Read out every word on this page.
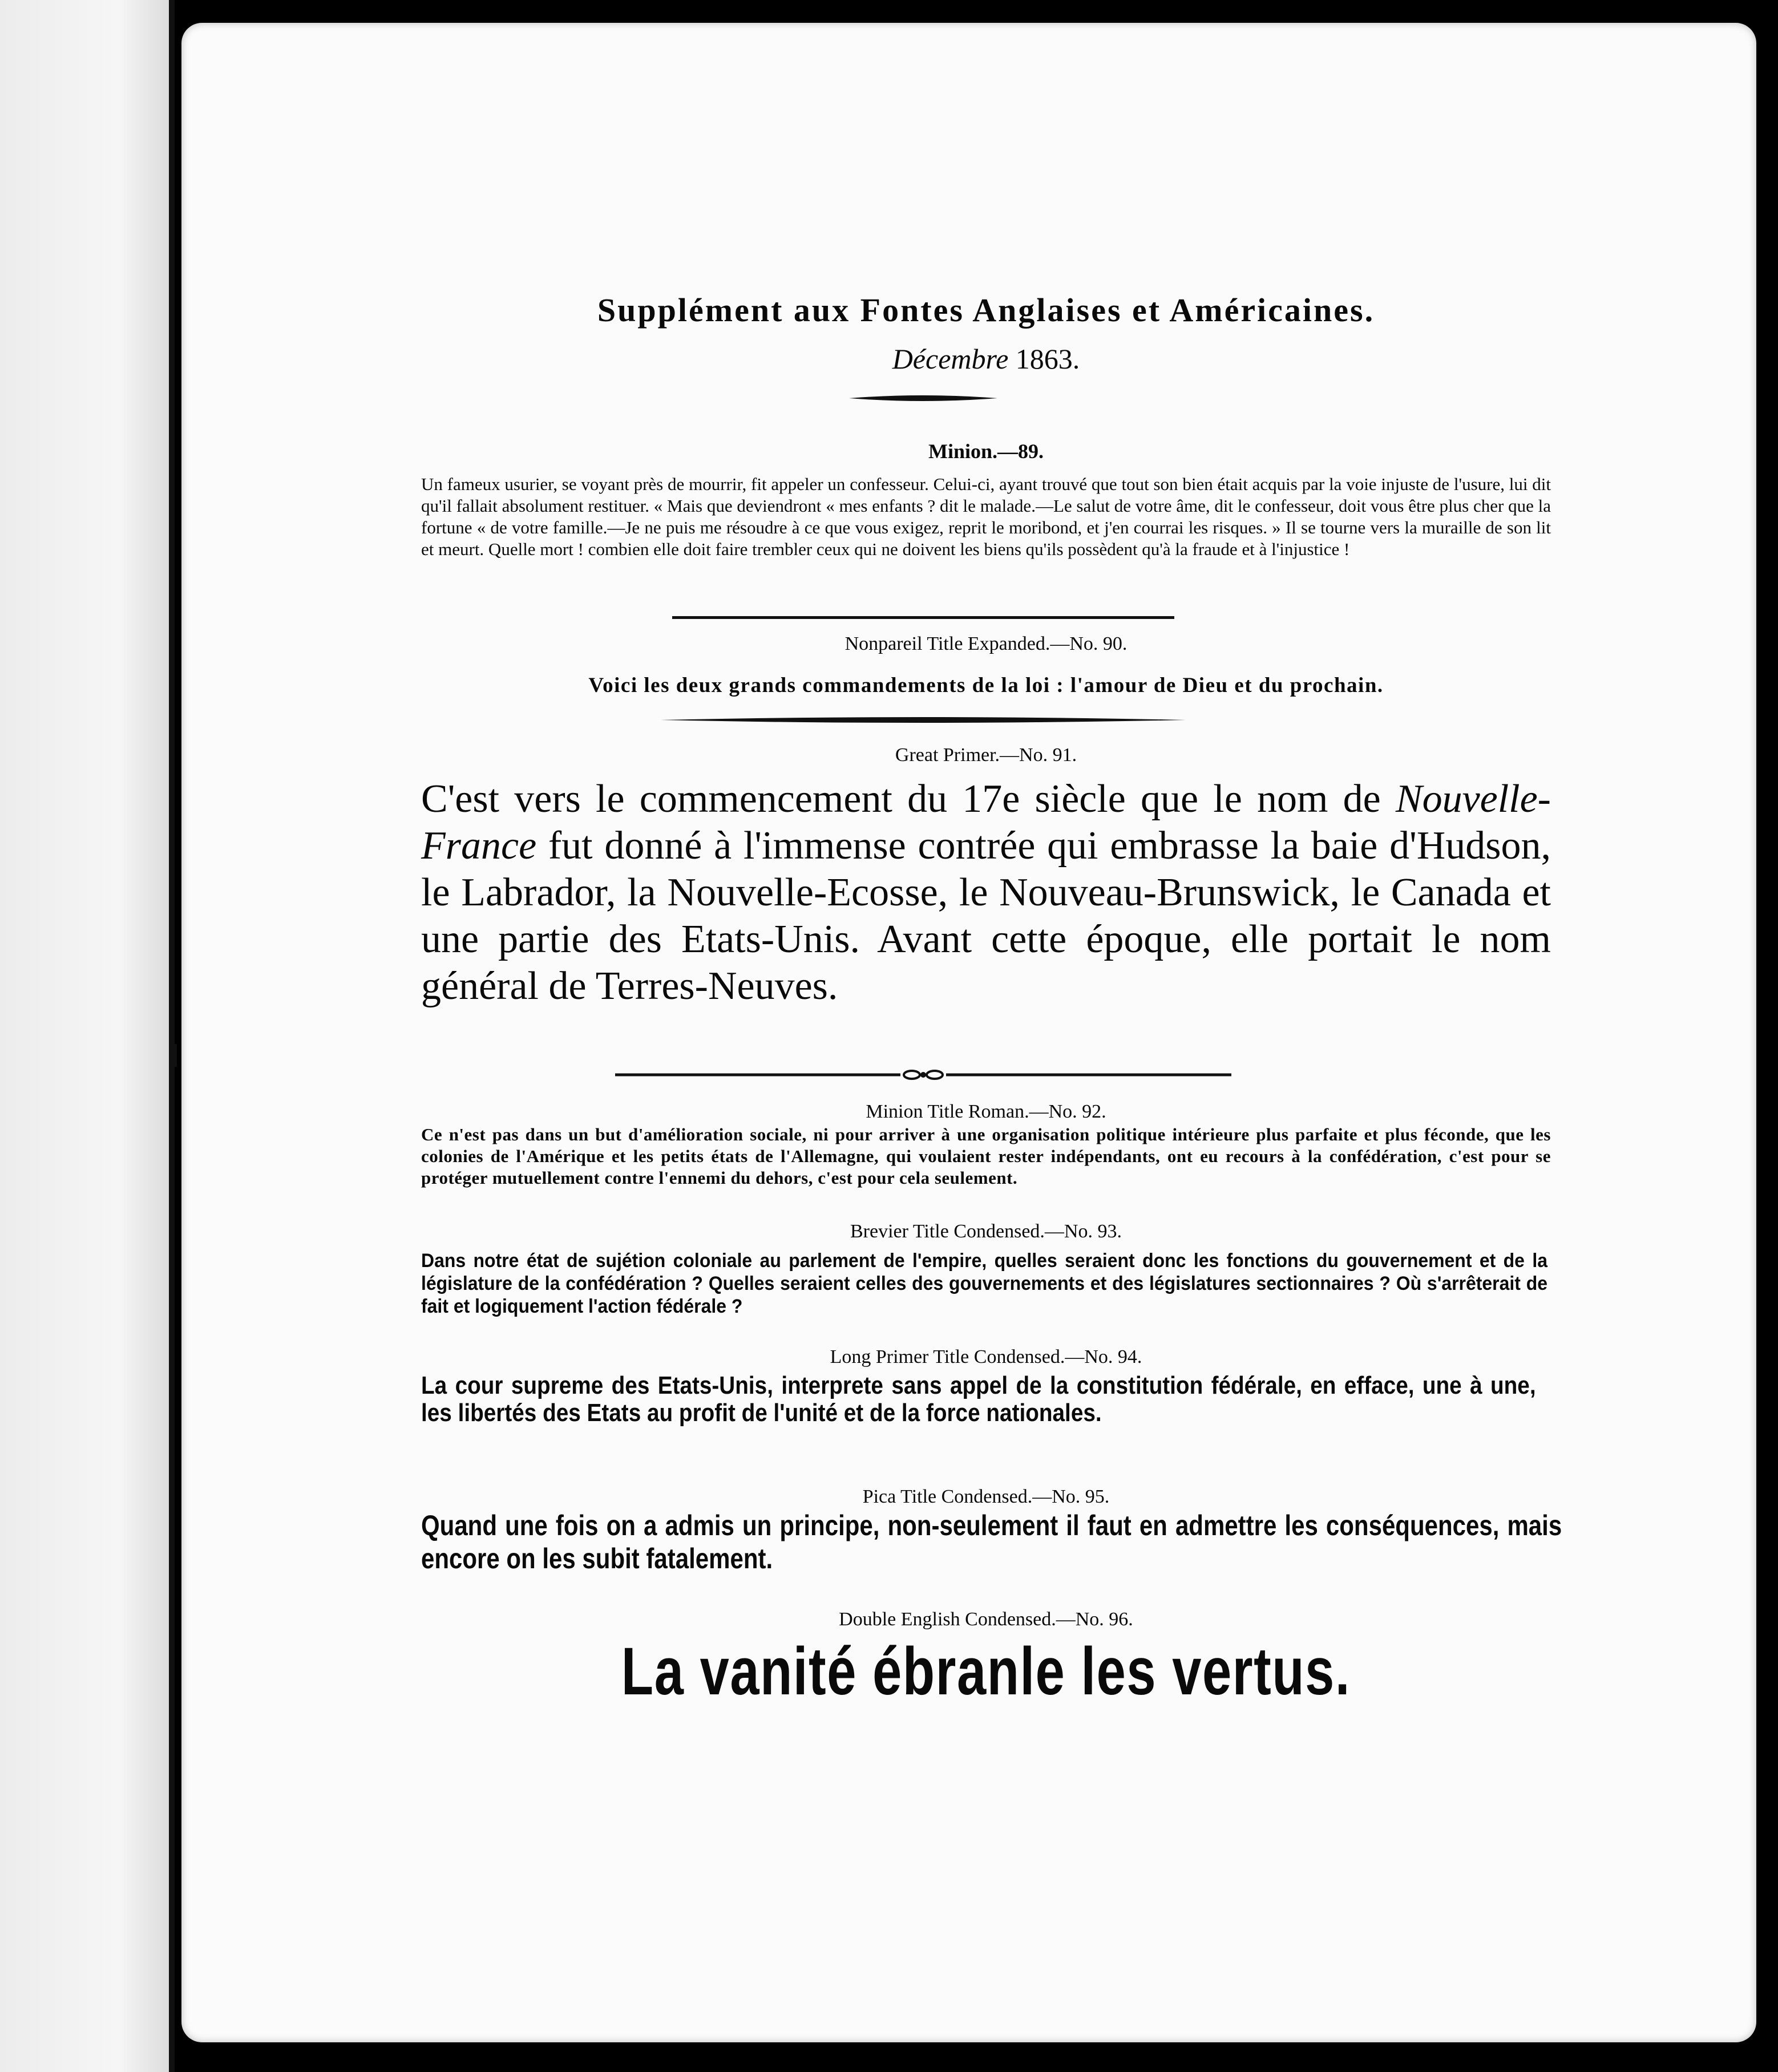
Supplément aux Fontes Anglaises et Américaines.
Décembre 1863.
Minion.—89.
Un fameux usurier, se voyant près de mourrir, fit appeler un confesseur. Celui-ci, ayant trouvé que tout son bien était acquis par la voie injuste de l'usure, lui dit qu'il fallait absolument restituer. « Mais que deviendront « mes enfants ? dit le malade.—Le salut de votre âme, dit le confesseur, doit vous être plus cher que la fortune « de votre famille.—Je ne puis me résoudre à ce que vous exigez, reprit le moribond, et j'en courrai les risques. » Il se tourne vers la muraille de son lit et meurt. Quelle mort ! combien elle doit faire trembler ceux qui ne doivent les biens qu'ils possèdent qu'à la fraude et à l'injustice !
Nonpareil Title Expanded.—No. 90.
Voici les deux grands commandements de la loi : l'amour de Dieu et du prochain.
Great Primer.—No. 91.
C'est vers le commencement du 17e siècle que le nom de Nouvelle-France fut donné à l'immense contrée qui embrasse la baie d'Hudson, le Labrador, la Nouvelle-Ecosse, le Nouveau-Brunswick, le Canada et une partie des Etats-Unis. Avant cette époque, elle portait le nom général de Terres-Neuves.
Minion Title Roman.—No. 92.
Ce n'est pas dans un but d'amélioration sociale, ni pour arriver à une organisation politique intérieure plus parfaite et plus féconde, que les colonies de l'Amérique et les petits états de l'Allemagne, qui voulaient rester indépendants, ont eu recours à la confédération, c'est pour se protéger mutuellement contre l'ennemi du dehors, c'est pour cela seulement.
Brevier Title Condensed.—No. 93.
Dans notre état de sujétion coloniale au parlement de l'empire, quelles seraient donc les fonctions du gouvernement et de la législature de la confédération ? Quelles seraient celles des gouvernements et des législatures sectionnaires ? Où s'arrêterait de fait et logiquement l'action fédérale ?
Long Primer Title Condensed.—No. 94.
La cour supreme des Etats-Unis, interprete sans appel de la constitution fédérale, en efface, une à une, les libertés des Etats au profit de l'unité et de la force nationales.
Pica Title Condensed.—No. 95.
Quand une fois on a admis un principe, non-seulement il faut en admettre les conséquences, mais encore on les subit fatalement.
Double English Condensed.—No. 96.
La vanité ébranle les vertus.
